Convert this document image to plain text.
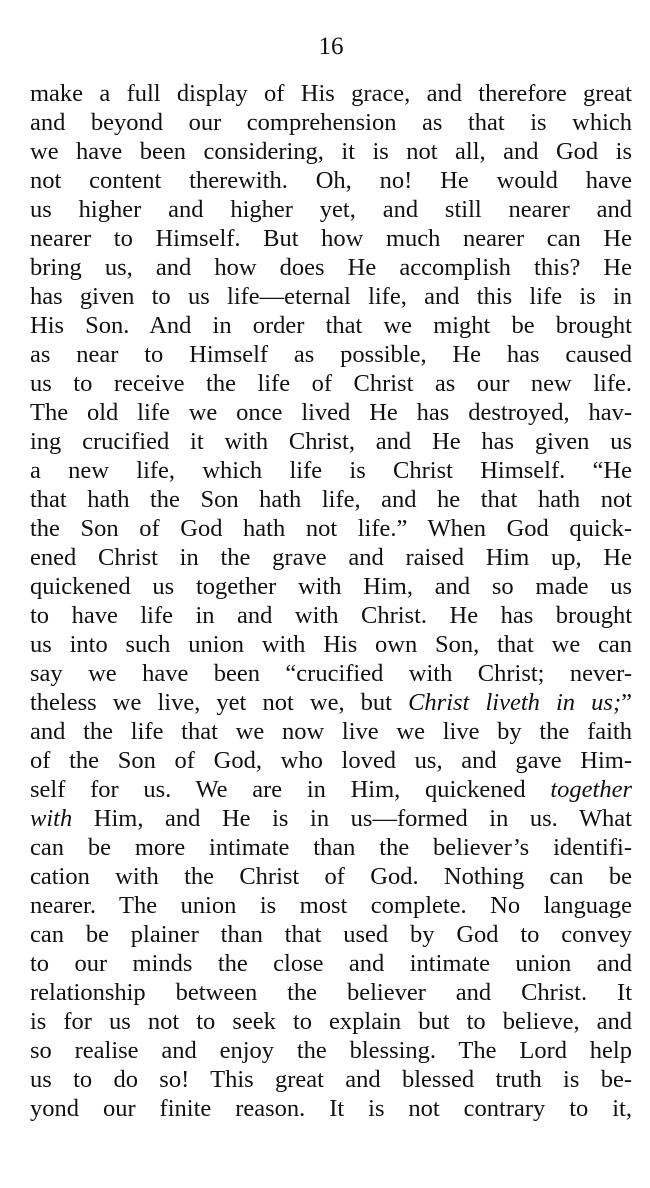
16
make a full display of His grace, and therefore great
and beyond our comprehension as that is which
we have been considering, it is not all, and God is
not content therewith. Oh, no! He would have
us higher and higher yet, and still nearer and
nearer to Himself. But how much nearer can He
bring us, and how does He accomplish this? He
has given to us life—eternal life, and this life is in
His Son. And in order that we might be brought
as near to Himself as possible, He has caused
us to receive the life of Christ as our new life.
The old life we once lived He has destroyed, hav-
ing crucified it with Christ, and He has given us
a new life, which life is Christ Himself. “He
that hath the Son hath life, and he that hath not
the Son of God hath not life.” When God quick-
ened Christ in the grave and raised Him up, He
quickened us together with Him, and so made us
to have life in and with Christ. He has brought
us into such union with His own Son, that we can
say we have been “crucified with Christ; never-
theless we live, yet not we, but Christ liveth in us;”
and the life that we now live we live by the faith
of the Son of God, who loved us, and gave Him-
self for us. We are in Him, quickened together
with Him, and He is in us—formed in us. What
can be more intimate than the believer’s identifi-
cation with the Christ of God. Nothing can be
nearer. The union is most complete. No language
can be plainer than that used by God to convey
to our minds the close and intimate union and
relationship between the believer and Christ. It
is for us not to seek to explain but to believe, and
so realise and enjoy the blessing. The Lord help
us to do so! This great and blessed truth is be-
yond our finite reason. It is not contrary to it,
